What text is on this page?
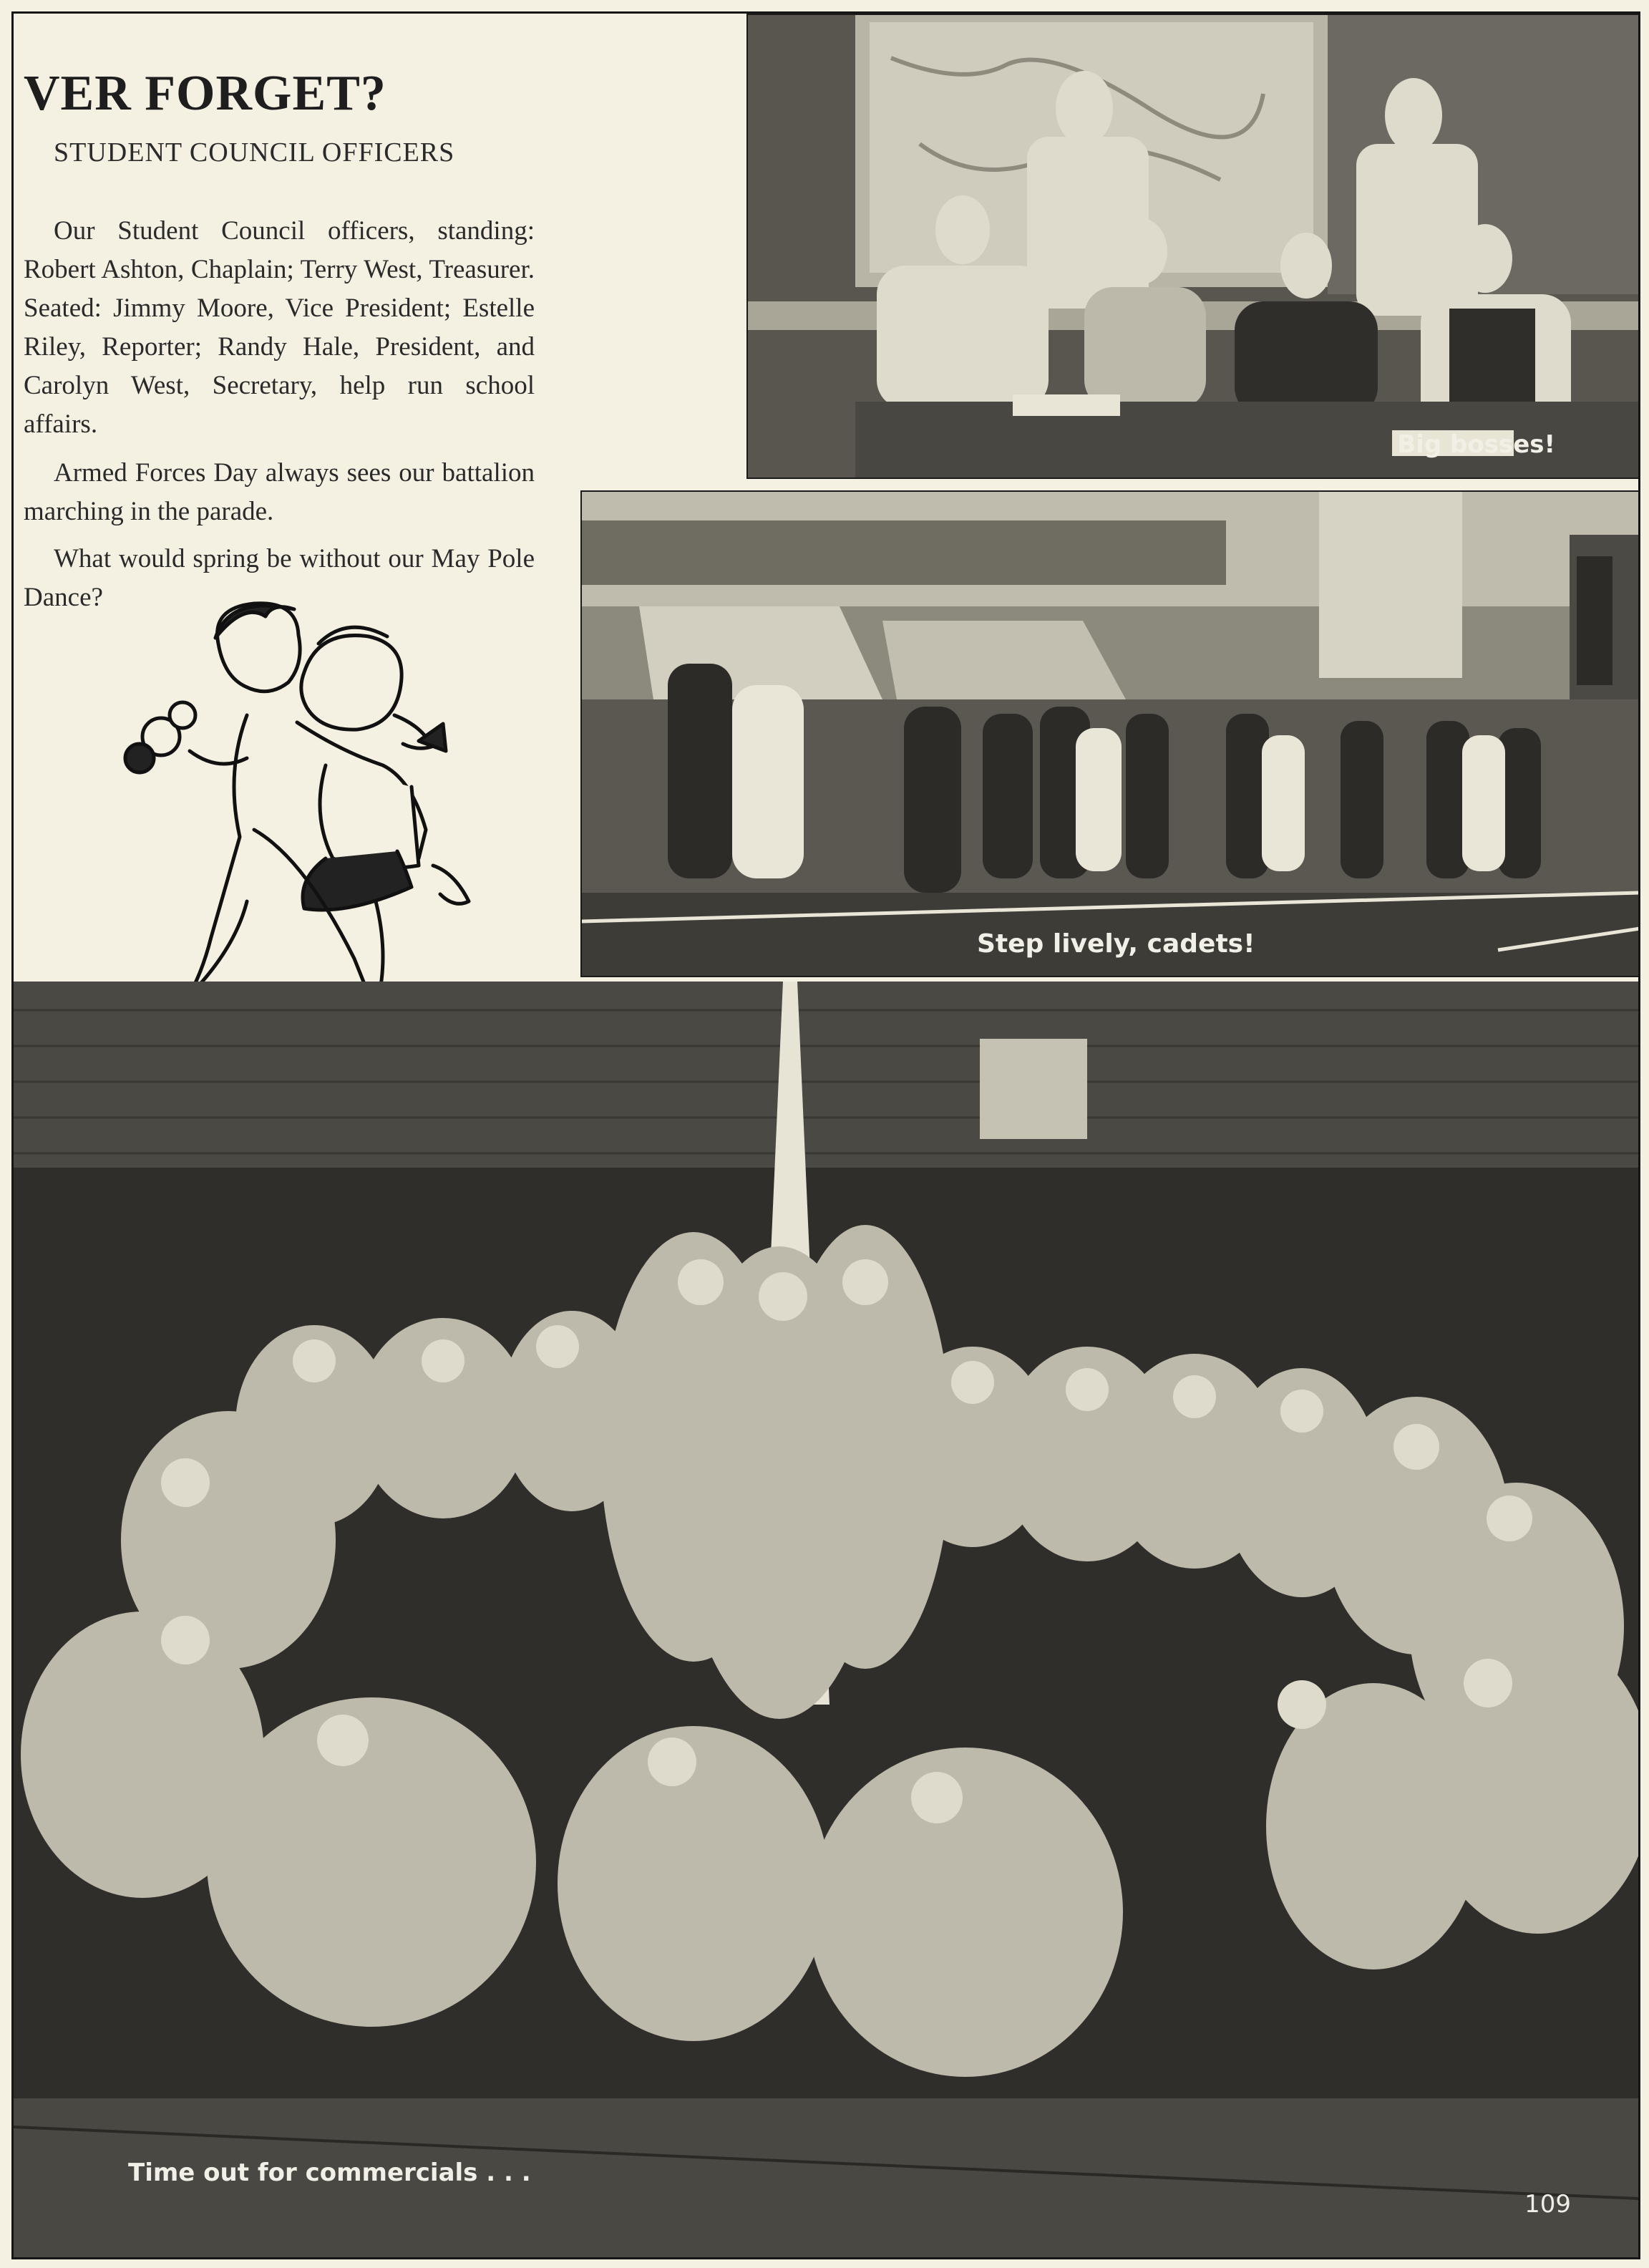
VER FORGET?
STUDENT COUNCIL OFFICERS

Our Student Council officers, standing: Robert Ashton, Chaplain; Terry West, Treasurer. Seated: Jimmy Moore, Vice President; Estelle Riley, Reporter; Randy Hale, President, and Carolyn West, Secretary, help run school affairs.

Armed Forces Day always sees our battalion marching in the parade.

What would spring be without our May Pole Dance?

Big bosses!
Step lively, cadets!
Time out for commercials . . .
109
